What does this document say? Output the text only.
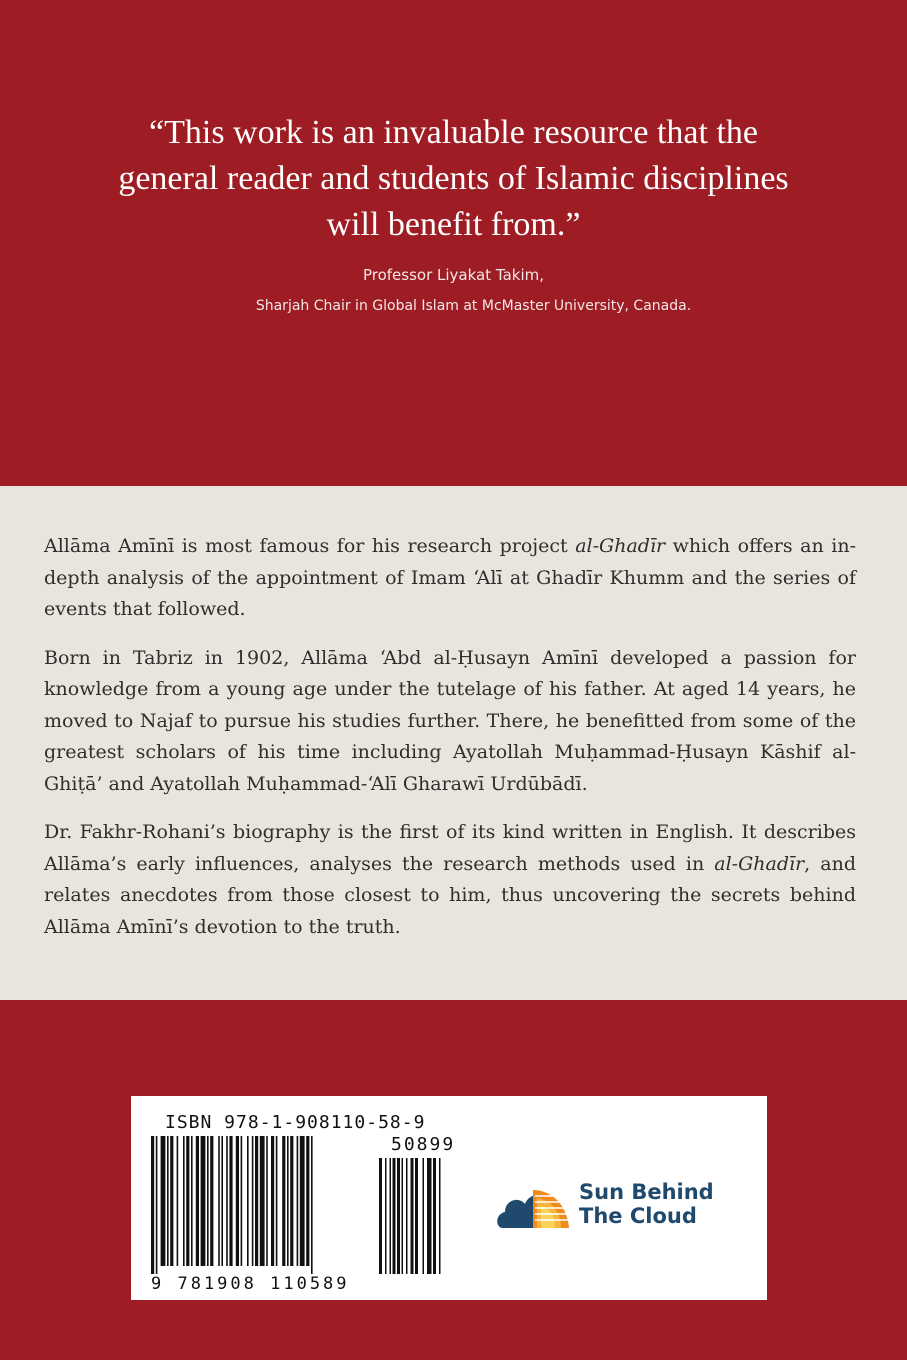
“This work is an invaluable resource that the general reader and students of Islamic disciplines will benefit from.”

Professor Liyakat Takim,
Sharjah Chair in Global Islam at McMaster University, Canada.

Allāma Amīnī is most famous for his research project al-Ghadīr which offers an in-depth analysis of the appointment of Imam ‘Alī at Ghadīr Khumm and the series of events that followed.

Born in Tabriz in 1902, Allāma ‘Abd al-Ḥusayn Amīnī developed a passion for knowledge from a young age under the tutelage of his father. At aged 14 years, he moved to Najaf to pursue his studies further. There, he benefitted from some of the greatest scholars of his time including Ayatollah Muḥammad-Ḥusayn Kāshif al-Ghiṭā’ and Ayatollah Muḥammad-‘Alī Gharawī Urdūbādī.

Dr. Fakhr-Rohani’s biography is the first of its kind written in English. It describes Allāma’s early influences, analyses the research methods used in al-Ghadīr, and relates anecdotes from those closest to him, thus uncovering the secrets behind Allāma Amīnī’s devotion to the truth.

ISBN 978-1-908110-58-9
50899
9 781908 110589
Sun Behind
The Cloud
